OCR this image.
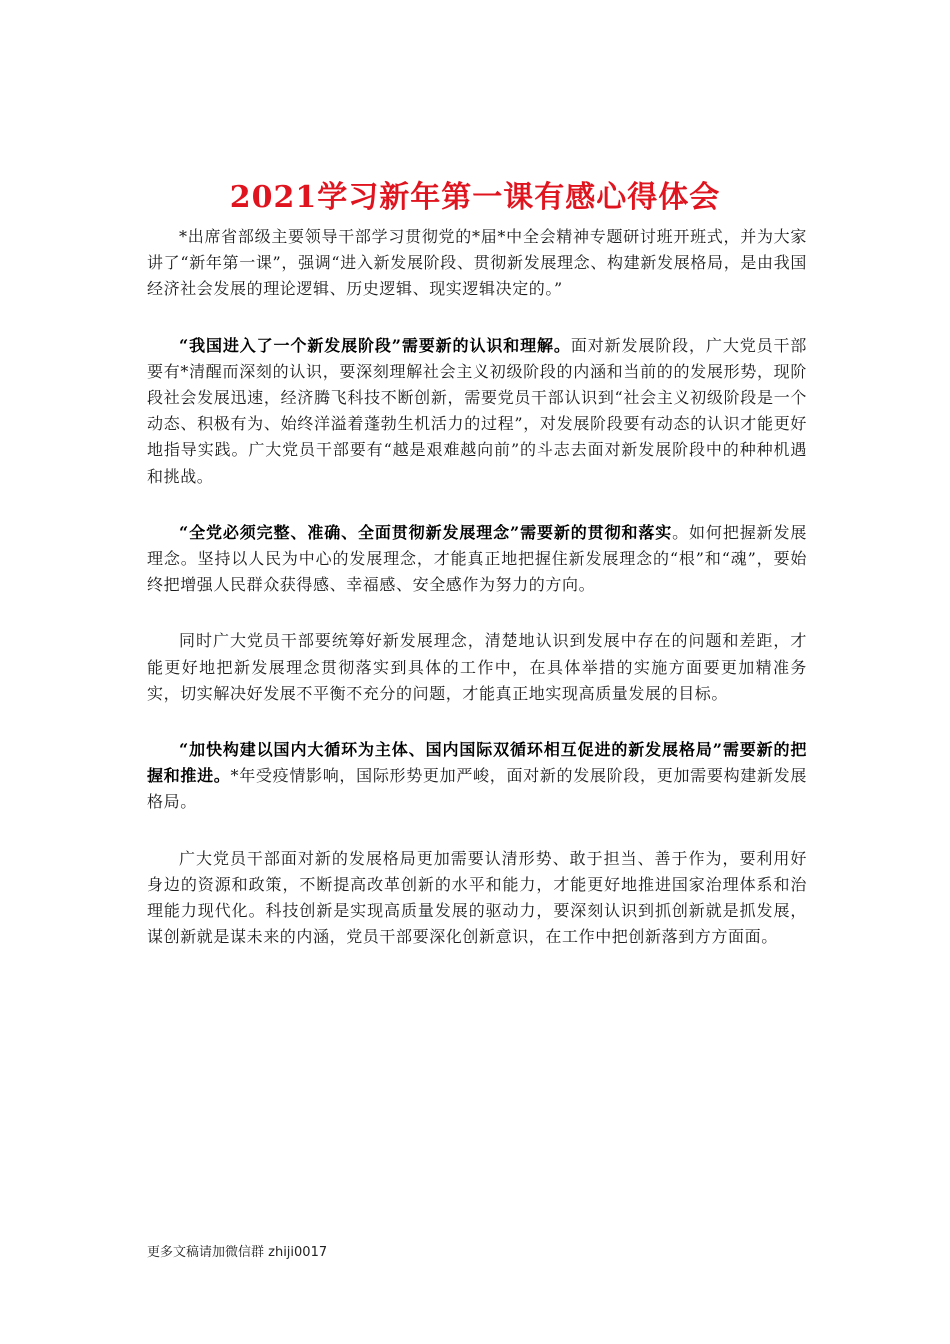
2021学习新年第一课有感心得体会

*出席省部级主要领导干部学习贯彻党的*届*中全会精神专题研讨班开班式，并为大家讲了“新年第一课”，强调“进入新发展阶段、贯彻新发展理念、构建新发展格局，是由我国经济社会发展的理论逻辑、历史逻辑、现实逻辑决定的。”

“我国进入了一个新发展阶段”需要新的认识和理解。面对新发展阶段，广大党员干部要有*清醒而深刻的认识，要深刻理解社会主义初级阶段的内涵和当前的的发展形势，现阶段社会发展迅速，经济腾飞科技不断创新，需要党员干部认识到“社会主义初级阶段是一个动态、积极有为、始终洋溢着蓬勃生机活力的过程”，对发展阶段要有动态的认识才能更好地指导实践。广大党员干部要有“越是艰难越向前”的斗志去面对新发展阶段中的种种机遇和挑战。

“全党必须完整、准确、全面贯彻新发展理念”需要新的贯彻和落实。如何把握新发展理念。坚持以人民为中心的发展理念，才能真正地把握住新发展理念的“根”和“魂”，要始终把增强人民群众获得感、幸福感、安全感作为努力的方向。

同时广大党员干部要统筹好新发展理念，清楚地认识到发展中存在的问题和差距，才能更好地把新发展理念贯彻落实到具体的工作中，在具体举措的实施方面要更加精准务实，切实解决好发展不平衡不充分的问题，才能真正地实现高质量发展的目标。

“加快构建以国内大循环为主体、国内国际双循环相互促进的新发展格局”需要新的把握和推进。*年受疫情影响，国际形势更加严峻，面对新的发展阶段，更加需要构建新发展格局。

广大党员干部面对新的发展格局更加需要认清形势、敢于担当、善于作为，要利用好身边的资源和政策，不断提高改革创新的水平和能力，才能更好地推进国家治理体系和治理能力现代化。科技创新是实现高质量发展的驱动力，要深刻认识到抓创新就是抓发展，谋创新就是谋未来的内涵，党员干部要深化创新意识，在工作中把创新落到方方面面。

更多文稿请加微信群 zhiji0017
